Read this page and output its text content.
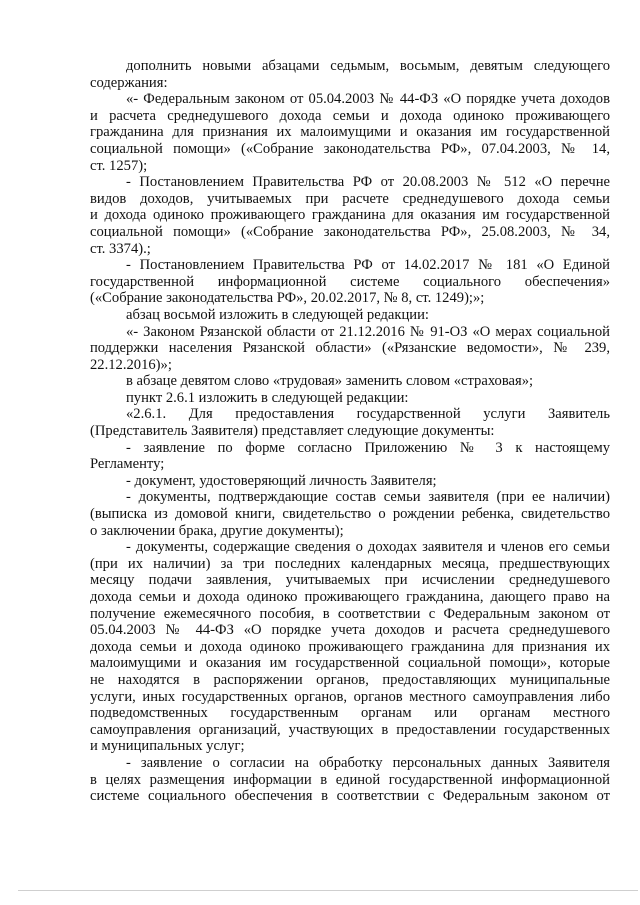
дополнить новыми абзацами седьмым, восьмым, девятым следующего
содержания:
«- Федеральным законом от 05.04.2003 № 44-ФЗ «О порядке учета доходов
и расчета среднедушевого дохода семьи и дохода одиноко проживающего
гражданина для признания их малоимущими и оказания им государственной
социальной помощи» («Собрание законодательства РФ», 07.04.2003, № 14,
ст. 1257);
- Постановлением Правительства РФ от 20.08.2003 № 512 «О перечне
видов доходов, учитываемых при расчете среднедушевого дохода семьи
и дохода одиноко проживающего гражданина для оказания им государственной
социальной помощи» («Собрание законодательства РФ», 25.08.2003, № 34,
ст. 3374).;
- Постановлением Правительства РФ от 14.02.2017 № 181 «О Единой
государственной информационной системе социального обеспечения»
(«Собрание законодательства РФ», 20.02.2017, № 8, ст. 1249);»;
абзац восьмой изложить в следующей редакции:
«- Законом Рязанской области от 21.12.2016 № 91-ОЗ «О мерах социальной
поддержки населения Рязанской области» («Рязанские ведомости», № 239,
22.12.2016)»;
в абзаце девятом слово «трудовая» заменить словом «страховая»;
пункт 2.6.1 изложить в следующей редакции:
«2.6.1. Для предоставления государственной услуги Заявитель
(Представитель Заявителя) представляет следующие документы:
- заявление по форме согласно Приложению № 3 к настоящему
Регламенту;
- документ, удостоверяющий личность Заявителя;
- документы, подтверждающие состав семьи заявителя (при ее наличии)
(выписка из домовой книги, свидетельство о рождении ребенка, свидетельство
о заключении брака, другие документы);
- документы, содержащие сведения о доходах заявителя и членов его семьи
(при их наличии) за три последних календарных месяца, предшествующих
месяцу подачи заявления, учитываемых при исчислении среднедушевого
дохода семьи и дохода одиноко проживающего гражданина, дающего право на
получение ежемесячного пособия, в соответствии с Федеральным законом от
05.04.2003 № 44-ФЗ «О порядке учета доходов и расчета среднедушевого
дохода семьи и дохода одиноко проживающего гражданина для признания их
малоимущими и оказания им государственной социальной помощи», которые
не находятся в распоряжении органов, предоставляющих муниципальные
услуги, иных государственных органов, органов местного самоуправления либо
подведомственных государственным органам или органам местного
самоуправления организаций, участвующих в предоставлении государственных
и муниципальных услуг;
- заявление о согласии на обработку персональных данных Заявителя
в целях размещения информации в единой государственной информационной
системе социального обеспечения в соответствии с Федеральным законом от
